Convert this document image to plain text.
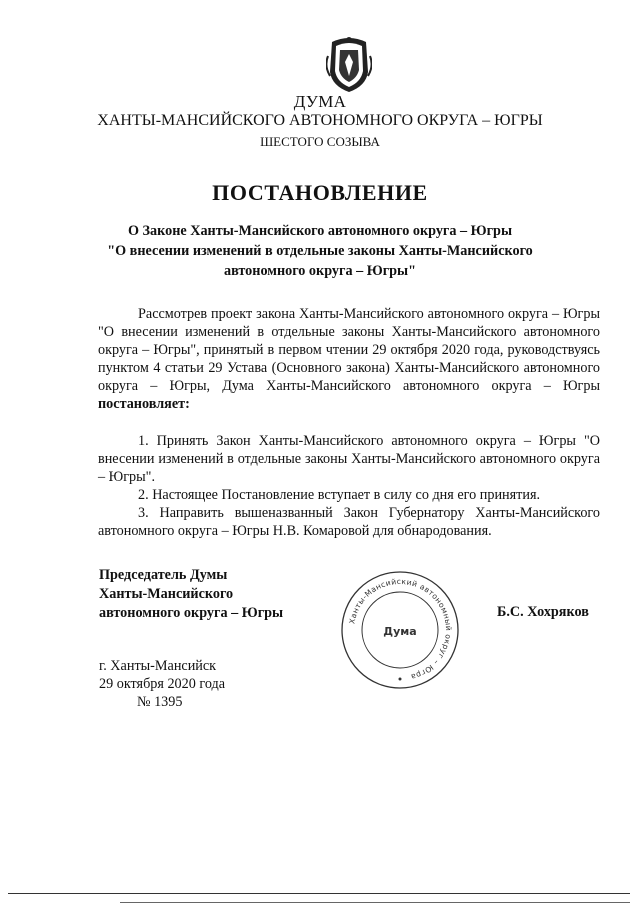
ДУМА
ХАНТЫ-МАНСИЙСКОГО АВТОНОМНОГО ОКРУГА – ЮГРЫ
ШЕСТОГО СОЗЫВА
ПОСТАНОВЛЕНИЕ
О Законе Ханты-Мансийского автономного округа – Югры
"О внесении изменений в отдельные законы Ханты-Мансийского
автономного округа – Югры"
Рассмотрев проект закона Ханты-Мансийского автономного округа – Югры "О внесении изменений в отдельные законы Ханты-Мансийского автономного округа – Югры", принятый в первом чтении 29 октября 2020 года, руководствуясь пунктом 4 статьи 29 Устава (Основного закона) Ханты-Мансийского автономного округа – Югры, Дума Ханты-Мансийского автономного округа – Югры постановляет:

1. Принять Закон Ханты-Мансийского автономного округа – Югры "О внесении изменений в отдельные законы Ханты-Мансийского автономного округа – Югры".

2. Настоящее Постановление вступает в силу со дня его принятия.

3. Направить вышеназванный Закон Губернатору Ханты-Мансийского автономного округа – Югры Н.В. Комаровой для обнародования.

Председатель Думы
Ханты-Мансийского
автономного округа – Югры
Ханты-Мансийский автономный округ – Югра
Дума
Б.С. Хохряков
г. Ханты-Мансийск
29 октября 2020 года
№ 1395
